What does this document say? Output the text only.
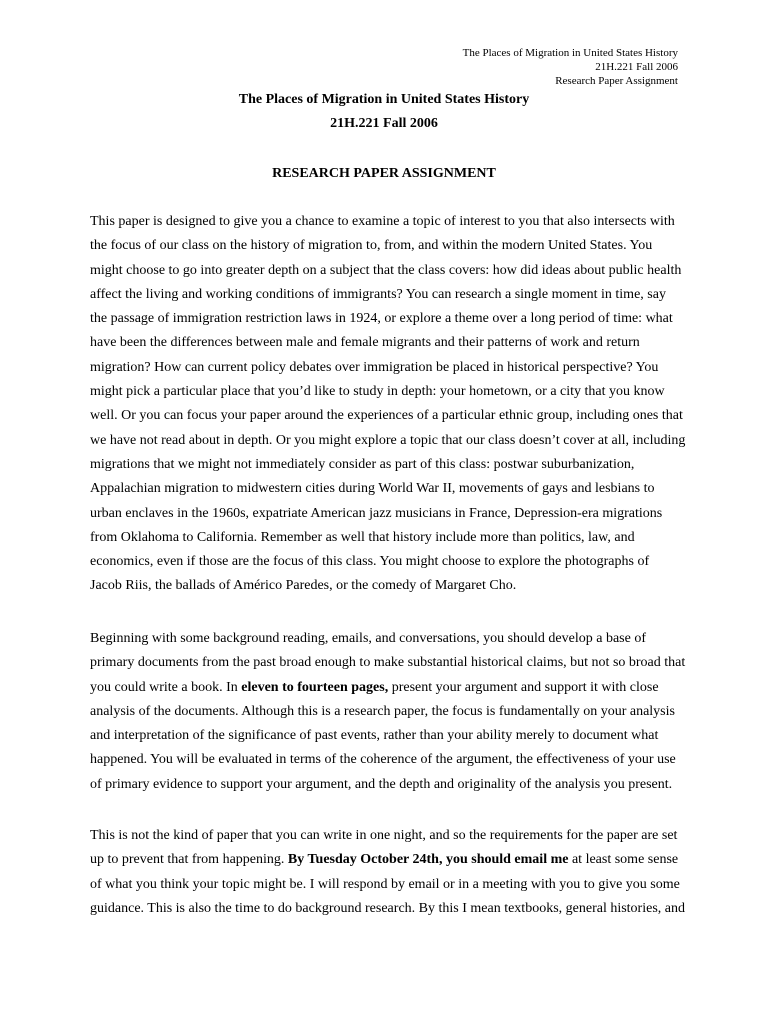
The Places of Migration in United States History
21H.221 Fall 2006
Research Paper Assignment
The Places of Migration in United States History
21H.221 Fall 2006
RESEARCH PAPER ASSIGNMENT
This paper is designed to give you a chance to examine a topic of interest to you that also intersects with
the focus of our class on the history of migration to, from, and within the modern United States. You
might choose to go into greater depth on a subject that the class covers: how did ideas about public health
affect the living and working conditions of immigrants? You can research a single moment in time, say
the passage of immigration restriction laws in 1924, or explore a theme over a long period of time: what
have been the differences between male and female migrants and their patterns of work and return
migration? How can current policy debates over immigration be placed in historical perspective? You
might pick a particular place that you’d like to study in depth: your hometown, or a city that you know
well. Or you can focus your paper around the experiences of a particular ethnic group, including ones that
we have not read about in depth. Or you might explore a topic that our class doesn’t cover at all, including
migrations that we might not immediately consider as part of this class: postwar suburbanization,
Appalachian migration to midwestern cities during World War II, movements of gays and lesbians to
urban enclaves in the 1960s, expatriate American jazz musicians in France, Depression-era migrations
from Oklahoma to California. Remember as well that history include more than politics, law, and
economics, even if those are the focus of this class. You might choose to explore the photographs of
Jacob Riis, the ballads of Américo Paredes, or the comedy of Margaret Cho.
Beginning with some background reading, emails, and conversations, you should develop a base of
primary documents from the past broad enough to make substantial historical claims, but not so broad that
you could write a book. In eleven to fourteen pages, present your argument and support it with close
analysis of the documents. Although this is a research paper, the focus is fundamentally on your analysis
and interpretation of the significance of past events, rather than your ability merely to document what
happened. You will be evaluated in terms of the coherence of the argument, the effectiveness of your use
of primary evidence to support your argument, and the depth and originality of the analysis you present.
This is not the kind of paper that you can write in one night, and so the requirements for the paper are set
up to prevent that from happening. By Tuesday October 24th, you should email me at least some sense
of what you think your topic might be. I will respond by email or in a meeting with you to give you some
guidance. This is also the time to do background research. By this I mean textbooks, general histories, and
